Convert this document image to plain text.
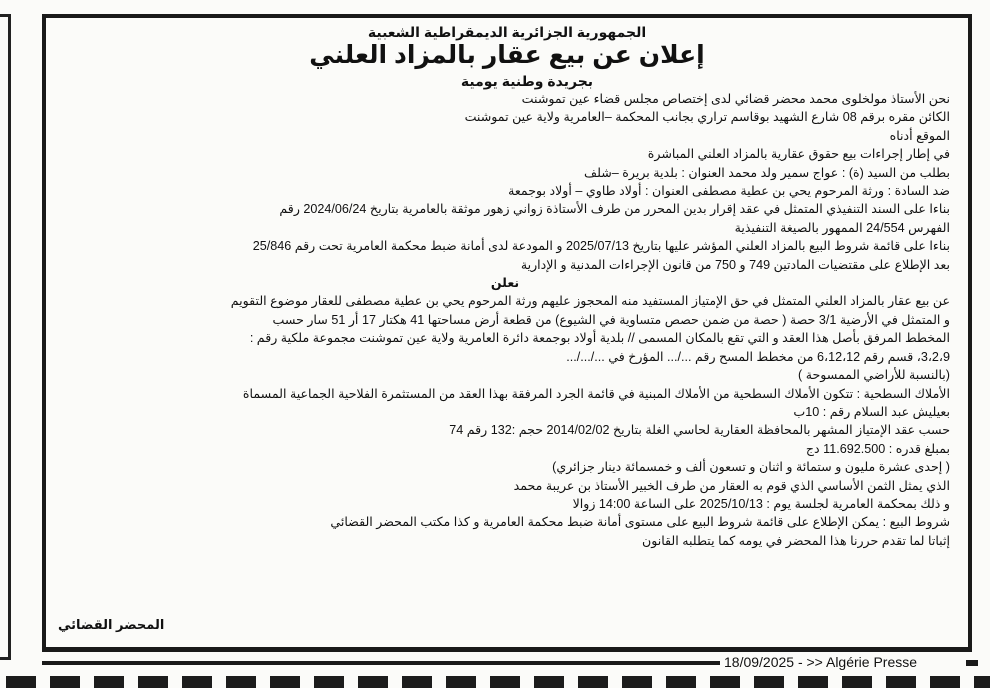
الجمهورية الجزائرية الديمقراطية الشعبية
إعلان عن بيع عقار بالمزاد العلني
بجريدة وطنية يومية
نحن الأستاذ مولخلوى محمد محضر قضائي لدى إختصاص مجلس قضاء عين تموشنت
الكائن مقره برقم 08 شارع الشهيد بوقاسم تراري بجانب المحكمة –العامرية ولاية عين تموشنت
الموقع أدناه
في إطار إجراءات بيع حقوق عقارية بالمزاد العلني المباشرة
بطلب من السيد (ة) : عواج سمير ولد محمد العنوان : بلدية بريرة –شلف
ضد السادة : ورثة المرحوم يحي بن عطية مصطفى العنوان : أولاد طاوي – أولاد بوجمعة
بناءا على السند التنفيذي المتمثل في عقد إقرار بدين المحرر من طرف الأستاذة زواني زهور موثقة بالعامرية بتاريخ 2024/06/24 رقم
الفهرس 24/554 الممهور بالصيغة التنفيذية
بناءا على قائمة شروط البيع بالمزاد العلني المؤشر عليها بتاريخ 2025/07/13 و المودعة لدى أمانة ضبط محكمة العامرية تحت رقم 25/846
بعد الإطلاع على مقتضيات المادتين 749 و 750 من قانون الإجراءات المدنية و الإدارية
نعلن
عن بيع عقار بالمزاد العلني المتمثل في حق الإمتياز المستفيد منه المحجوز عليهم ورثة المرحوم يحي بن عطية مصطفى للعقار موضوع التقويم
و المتمثل في الأرضية 3/1 حصة ( حصة من ضمن حصص متساوية في الشيوع) من قطعة أرض مساحتها 41 هكتار 17 أر 51 سار حسب
المخطط المرفق بأصل هذا العقد و التي تقع بالمكان المسمى // بلدية أولاد بوجمعة دائرة العامرية ولاية عين تموشنت مجموعة ملكية رقم :
3،2،9، قسم رقم 6،12،12 من مخطط المسح رقم .../... المؤرخ في .../.../...
(بالنسبة للأراضي الممسوحة )
الأملاك السطحية : تتكون الأملاك السطحية من الأملاك المبنية في قائمة الجرد المرفقة بهذا العقد من المستثمرة الفلاحية الجماعية المسماة
بعيليش عبد السلام رقم : 10ب
حسب عقد الإمتياز المشهر بالمحافظة العقارية لحاسي الغلة بتاريخ 2014/02/02 حجم :132 رقم 74
بمبلغ قدره : 11.692.500 دج
( إحدى عشرة مليون و ستمائة و اثنان و تسعون ألف و خمسمائة دينار جزائري)
الذي يمثل الثمن الأساسي الذي قوم به العقار من طرف الخبير الأستاذ بن عريبة محمد
و ذلك بمحكمة العامرية لجلسة يوم : 2025/10/13 على الساعة 14:00 زوالا
شروط البيع : يمكن الإطلاع على قائمة شروط البيع على مستوى أمانة ضبط محكمة العامرية و كذا مكتب المحضر القضائي
إثباتا لما تقدم حررنا هذا المحضر في يومه كما يتطلبه القانون
المحضر القضائي
18/09/2025 - >> Algérie Presse
